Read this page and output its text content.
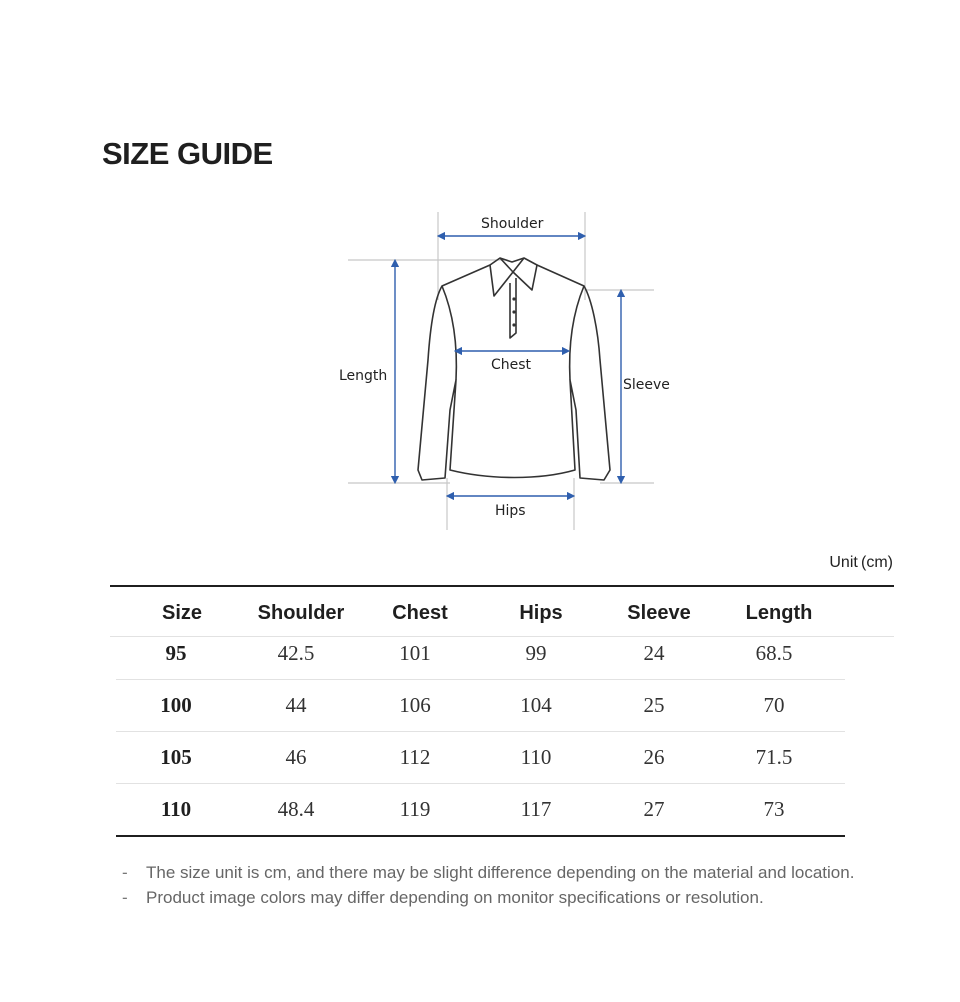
SIZE GUIDE
Shoulder
Chest
Length
Sleeve
Hips
Unit (cm)
Size	Shoulder	Chest	Hips	Sleeve	Length
95	42.5	101	99	24	68.5
100	44	106	104	25	70
105	46	112	110	26	71.5
110	48.4	119	117	27	73
- The size unit is cm, and there may be slight difference depending on the material and location.
- Product image colors may differ depending on monitor specifications or resolution.
